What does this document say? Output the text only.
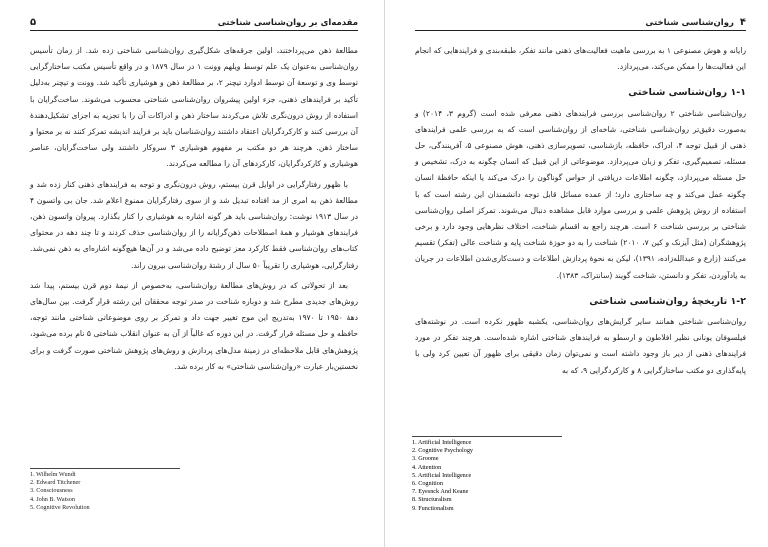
مقدمه‌ای بر روان‌شناسی شناختی
۵

مطالعهٔ ذهن می‌پرداختند، اولین جرقه‌های شکل‌گیری روان‌شناسی شناختی زده شد. از زمان تأسیس روان‌شناسی به‌عنوان یک علم توسط ویلهم وونت ۱ در سال ۱۸۷۹ و در واقع تأسیس مکتب ساختارگرایی توسط وی و توسعهٔ آن توسط ادوارد تیچنر ۲، بر مطالعهٔ ذهن و هوشیاری تأکید شد. وونت و تیچنر به‌دلیل تأکید بر فرایندهای ذهنی، جزء اولین پیشروان روان‌شناسی شناختی محسوب می‌شوند. ساخت‌گرایان با استفاده از روش درون‌نگری تلاش می‌کردند ساختار ذهن و ادراکات آن را با تجزیه به اجزای تشکیل‌دهندهٔ آن بررسی کنند و کارکردگرایان اعتقاد داشتند روان‌شناسان باید بر فرایند اندیشه تمرکز کنند نه بر محتوا و ساختار ذهن. هرچند هر دو مکتب بر مفهوم هوشیاری ۳ سروکار داشتند ولی ساخت‌گرایان، عناصر هوشیاری و کارکردگرایان، کارکردهای آن را مطالعه می‌کردند.

با ظهور رفتارگرایی در اوایل قرن بیستم، روش درون‌نگری و توجه به فرایندهای ذهنی کنار زده شد و مطالعهٔ ذهن به امری از مد افتاده تبدیل شد و از سوی رفتارگرایان ممنوع اعلام شد. جان بی واتسون ۴ در سال ۱۹۱۳ نوشت: روان‌شناسی باید هر گونه اشاره به هوشیاری را کنار بگذارد. پیروان واتسون ذهن، فرایندهای هوشیار و همهٔ اصطلاحات ذهن‌گرایانه را از روان‌شناسی حذف کردند و تا چند دهه در محتوای کتاب‌های روان‌شناسی فقط کارکرد معز توضیح داده می‌شد و در آن‌ها هیچ‌گونه اشاره‌ای به ذهن نمی‌شد. رفتارگرایی، هوشیاری را تقریباً ۵۰ سال از رشتهٔ روان‌شناسی بیرون راند.

بعد از تحولاتی که در روش‌های مطالعهٔ روان‌شناسی، به‌خصوص از نیمهٔ دوم قرن بیستم، پیدا شد روش‌های جدیدی مطرح شد و دوباره شناخت در صدر توجه محققان این رشته قرار گرفت. بین سال‌های دههٔ ۱۹۵۰ تا ۱۹۷۰ به‌تدریج این موج تغییر جهت داد و تمرکز بر روی موضوعاتی شناختی مانند توجه، حافظه و حل مسئله قرار گرفت. در این دوره که غالباً از آن به عنوان انقلاب شناختی ۵ نام برده می‌شود، پژوهش‌های قابل ملاحظه‌ای در زمینهٔ مدل‌های پردازش و روش‌های پژوهش شناختی صورت گرفت و برای نخستین‌بار عبارت «روان‌شناسی شناختی» به کار برده شد.

1. Wilhelm Wundt
2. Edward Titchener
3. Consciousness
4. John B. Watson
5. Cognitive Revolution
۴
روان‌شناسی شناختی

رایانه و هوش مصنوعی ۱ به بررسی ماهیت فعالیت‌های ذهنی مانند تفکر، طبقه‌بندی و فرایندهایی که انجام این فعالیت‌ها را ممکن می‌کند، می‌پردازد.

۱-۱ روان‌شناسی شناختی

روان‌شناسی شناختی ۲ روان‌شناسی بررسی فرایندهای ذهنی معرفی شده است (گروم ۳، ۲۰۱۴) و به‌صورت دقیق‌تر روان‌شناسی شناختی، شاخه‌ای از روان‌شناسی است که به بررسی علمی فرایندهای ذهنی از قبیل توجه ۴، ادراک، حافظه، بازشناسی، تصویرسازی ذهنی، هوش مصنوعی ۵، آفرینندگی، حل مسئله، تصمیم‌گیری، تفکر و زبان می‌پردازد. موضوعاتی از این قبیل که انسان چگونه به درک، تشخیص و حل مسئله می‌پردازد، چگونه اطلاعات دریافتی از حواس گوناگون را درک می‌کند یا اینکه حافظهٔ انسان چگونه عمل می‌کند و چه ساختاری دارد؛ از عمده مسائل قابل توجه دانشمندان این رشته است که با استفاده از روش پژوهش علمی و بررسی موارد قابل مشاهده دنبال می‌شوند. تمرکز اصلی روان‌شناسی شناختی بر بررسی شناخت ۶ است. هرچند راجع به اقسام شناخت، اختلاف نظرهایی وجود دارد و برخی پژوهشگران (مثل آیزنک و کین ۷، ۲۰۱۰) شناخت را به دو حوزهٔ شناخت پایه و شناخت عالی (تفکر) تقسیم می‌کنند (زارع و عبدالله‌زاده، ۱۳۹۱)، لیکن به نحوهٔ پردازش اطلاعات و دست‌کاری‌شدن اطلاعات در جریان به یادآوردن، تفکر و دانستن، شناخت گویند (سانتراک، ۱۳۸۳).

۱-۲ تاریخچهٔ روان‌شناسی شناختی

روان‌شناسی شناختی همانند سایر گرایش‌های روان‌شناسی، یکشبه ظهور نکرده است. در نوشته‌های فیلسوفان یونانی نظیر افلاطون و ارسطو به فرایندهای شناختی اشاره شده‌است. هرچند تفکر در مورد فرایندهای ذهنی از دیر باز وجود داشته است و نمی‌توان زمان دقیقی برای ظهور آن تعیین کرد ولی با پایه‌گذاری دو مکتب ساختارگرایی ۸ و کارکردگرایی ۹، که به

1. Artificial Intelligence
2. Cognitive Psychology
3. Groome
4. Attention
5. Artificial Intelligence
6. Cognition
7. Eyesnck And Keane
8. Structuralism
9. Functionalism
